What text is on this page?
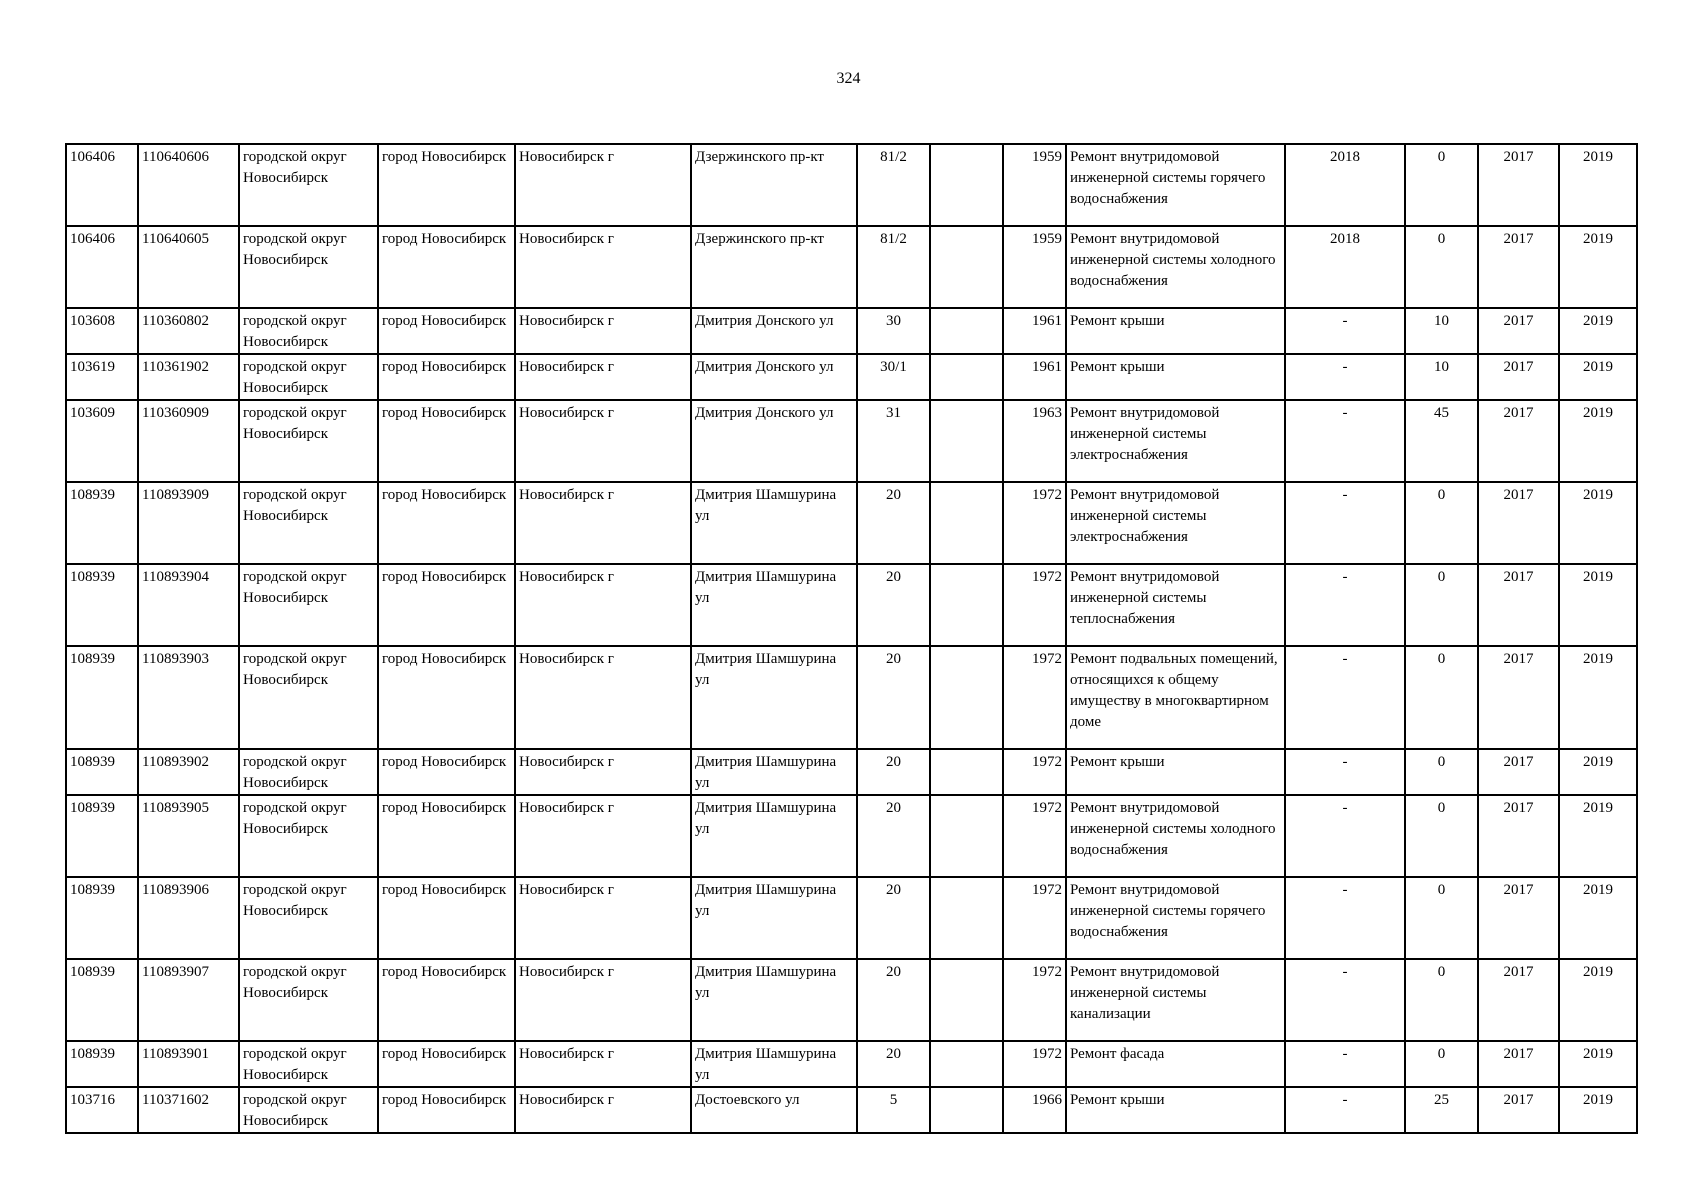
324
106406	110640606	городской округ Новосибирск	город Новосибирск	Новосибирск г	Дзержинского пр-кт	81/2		1959	Ремонт внутридомовой инженерной системы горячего водоснабжения	2018	0	2017	2019
106406	110640605	городской округ Новосибирск	город Новосибирск	Новосибирск г	Дзержинского пр-кт	81/2		1959	Ремонт внутридомовой инженерной системы холодного водоснабжения	2018	0	2017	2019
103608	110360802	городской округ Новосибирск	город Новосибирск	Новосибирск г	Дмитрия Донского ул	30		1961	Ремонт крыши	-	10	2017	2019
103619	110361902	городской округ Новосибирск	город Новосибирск	Новосибирск г	Дмитрия Донского ул	30/1		1961	Ремонт крыши	-	10	2017	2019
103609	110360909	городской округ Новосибирск	город Новосибирск	Новосибирск г	Дмитрия Донского ул	31		1963	Ремонт внутридомовой инженерной системы электроснабжения	-	45	2017	2019
108939	110893909	городской округ Новосибирск	город Новосибирск	Новосибирск г	Дмитрия Шамшурина ул	20		1972	Ремонт внутридомовой инженерной системы электроснабжения	-	0	2017	2019
108939	110893904	городской округ Новосибирск	город Новосибирск	Новосибирск г	Дмитрия Шамшурина ул	20		1972	Ремонт внутридомовой инженерной системы теплоснабжения	-	0	2017	2019
108939	110893903	городской округ Новосибирск	город Новосибирск	Новосибирск г	Дмитрия Шамшурина ул	20		1972	Ремонт подвальных помещений, относящихся к общему имуществу в многоквартирном доме	-	0	2017	2019
108939	110893902	городской округ Новосибирск	город Новосибирск	Новосибирск г	Дмитрия Шамшурина ул	20		1972	Ремонт крыши	-	0	2017	2019
108939	110893905	городской округ Новосибирск	город Новосибирск	Новосибирск г	Дмитрия Шамшурина ул	20		1972	Ремонт внутридомовой инженерной системы холодного водоснабжения	-	0	2017	2019
108939	110893906	городской округ Новосибирск	город Новосибирск	Новосибирск г	Дмитрия Шамшурина ул	20		1972	Ремонт внутридомовой инженерной системы горячего водоснабжения	-	0	2017	2019
108939	110893907	городской округ Новосибирск	город Новосибирск	Новосибирск г	Дмитрия Шамшурина ул	20		1972	Ремонт внутридомовой инженерной системы канализации	-	0	2017	2019
108939	110893901	городской округ Новосибирск	город Новосибирск	Новосибирск г	Дмитрия Шамшурина ул	20		1972	Ремонт фасада	-	0	2017	2019
103716	110371602	городской округ Новосибирск	город Новосибирск	Новосибирск г	Достоевского ул	5		1966	Ремонт крыши	-	25	2017	2019
